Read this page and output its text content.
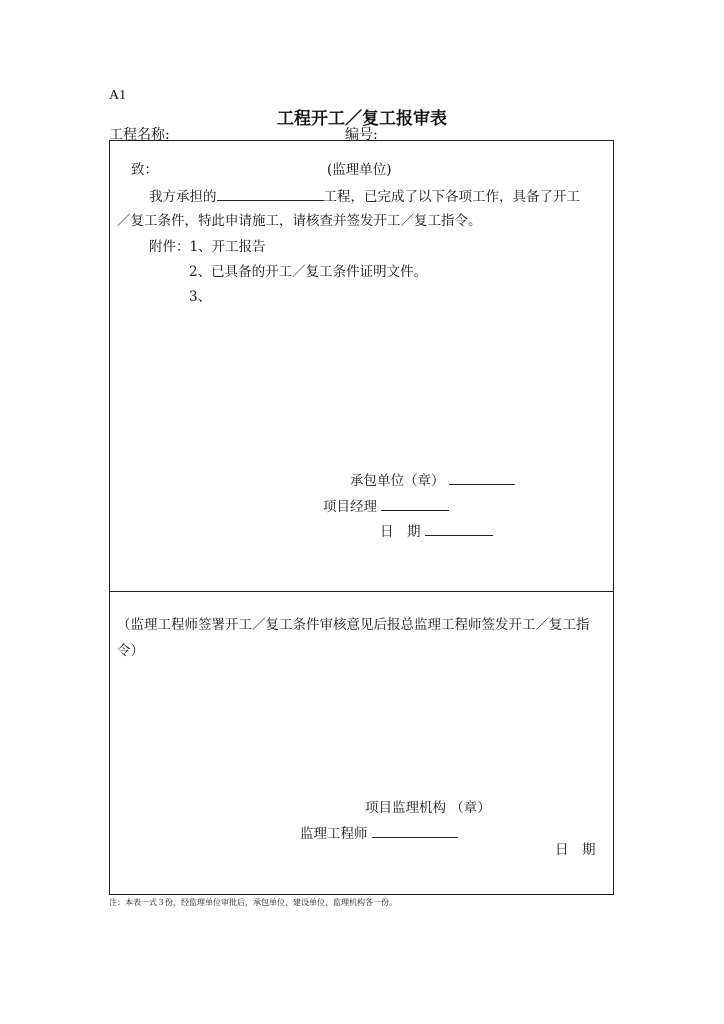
A1
工程开工／复工报审表
工程名称:	编号:
致：	(监理单位)
我方承担的	工程，已完成了以下各项工作，具备了开工
／复工条件，特此申请施工，请核查并签发开工／复工指令。
附件：1、开工报告
2、已具备的开工／复工条件证明文件。
3、
承包单位（章）
项目经理
日　期
（监理工程师签署开工／复工条件审核意见后报总监理工程师签发开工／复工指令）
项目监理机构 （章）
监理工程师
日　期
注：本表一式３份，经监理单位审批后，承包单位、建设单位、监理机构各一份。
